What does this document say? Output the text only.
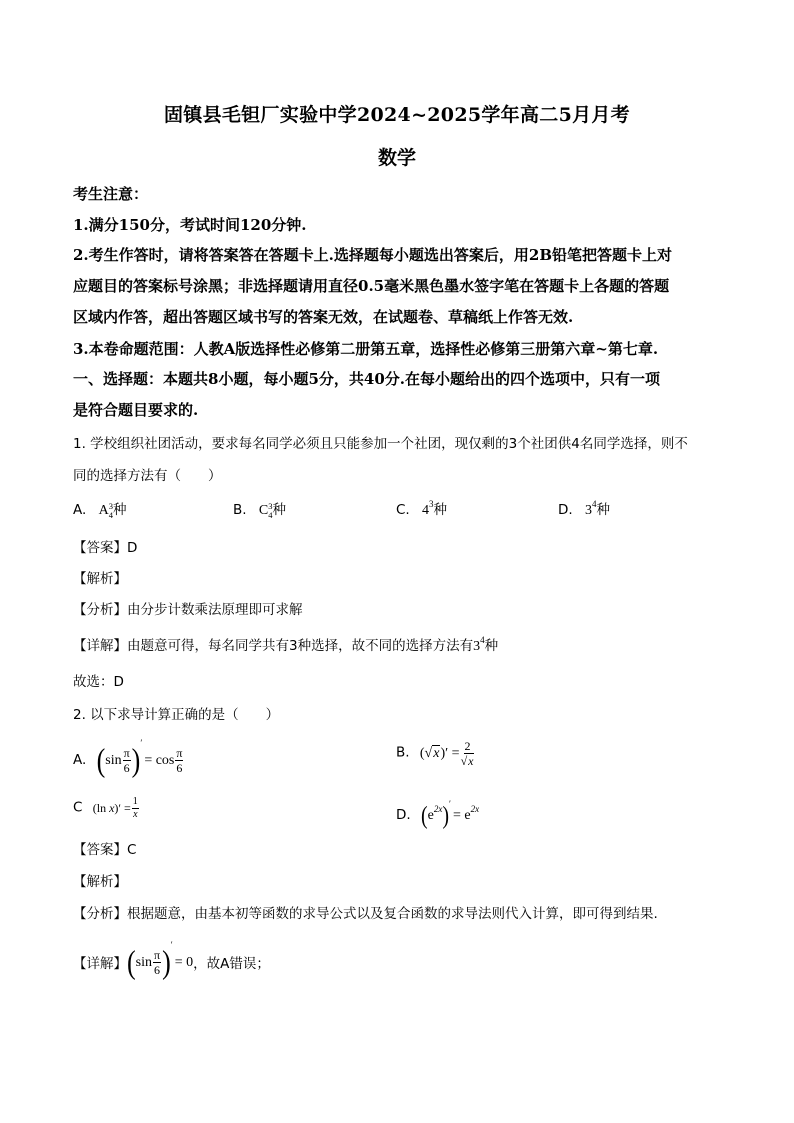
固镇县毛钽厂实验中学2024~2025学年高二5月月考
数学
考生注意：
1.满分150分，考试时间120分钟.
2.考生作答时，请将答案答在答题卡上.选择题每小题选出答案后，用2B铅笔把答题卡上对
应题目的答案标号涂黑；非选择题请用直径0.5毫米黑色墨水签字笔在答题卡上各题的答题
区域内作答，超出答题区域书写的答案无效，在试题卷、草稿纸上作答无效.
3.本卷命题范围：人教A版选择性必修第二册第五章，选择性必修第三册第六章~第七章.
一、选择题：本题共8小题，每小题5分，共40分.在每小题给出的四个选项中，只有一项
是符合题目要求的.
1. 学校组织社团活动，要求每名同学必须且只能参加一个社团，现仅剩的3个社团供4名同学选择，则不
同的选择方法有（　　）
A. A 3
4 种	B. C 3
4 种	C. $4^3$种	D. $3^4$种
【答案】D
【解析】
【分析】由分步计数乘法原理即可求解
【详解】由题意可得，每名同学共有3种选择，故不同的选择方法有$3^4$种
故选：D
2. 以下求导计算正确的是（　　）
A. $(\sin \frac{\pi}{6} )'= \cos \frac{\pi}{6}$	B. $(√x)' = \frac{2}{√x}$
C (ln $x)' = \frac{1}{x}$	D. $(e^{2x})'= e^{2x}$
【答案】C
【解析】
【分析】根据题意，由基本初等函数的求导公式以及复合函数的求导法则代入计算，即可得到结果.
【详解】$(\sin \frac{\pi}{6} )'= 0$，故A错误；
